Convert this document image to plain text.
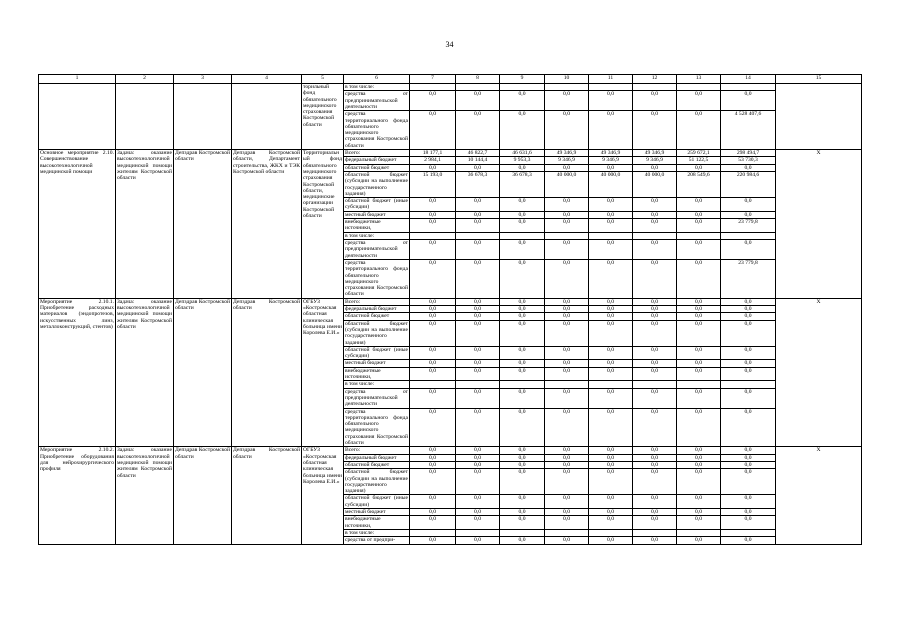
34
1	2	3	4	5	6	7	8	9	10	11	12	13	14	15
				торильный фонд обязательного медицинского страхования Костромской области	в том числе:									
					средства от предпринимательской деятельности	0,0	0,0	0,0	0,0	0,0	0,0	0,0	0,0	
					средства территориального фонда обязательного медицинского страхования Костромской области	0,0	0,0	0,0	0,0	0,0	0,0	0,0	4 528 407,6	
Основное мероприятие 2.10. Совершенствование высокотехнологичной медицинской помощи	Задача: оказание высокотехнологичной медицинской помощи жителям Костромской области	Депздрав Костромской области	Депздрав Костромской области, Департамент строительства, ЖКХ и ТЭК Костромской области	Территориальный фонд обязательного медицинского страхования Костромской области, медицинские организации Костромской области	Всего:	18 177,1	46 822,7	46 631,6	49 346,9	49 346,9	49 346,9	259 672,1	298 494,7	X
					федеральный бюджет	2 984,1	10 144,4	9 953,3	9 346,9	9 346,9	9 346,9	51 122,5	53 730,3	
					областной бюджет	0,0	0,0	0,0	0,0	0,0	0,0	0,0	0,0	
					областной бюджет (субсидии на выполнение государственного задания)	15 193,0	36 678,3	36 678,3	40 000,0	40 000,0	40 000,0	208 549,6	220 984,6	
					областной бюджет (иные субсидии)	0,0	0,0	0,0	0,0	0,0	0,0	0,0	0,0	
					местный бюджет	0,0	0,0	0,0	0,0	0,0	0,0	0,0	0,0	
					внебюджетные источники,	0,0	0,0	0,0	0,0	0,0	0,0	0,0	23 779,8	
					в том числе:									
					средства от предпринимательской деятельности	0,0	0,0	0,0	0,0	0,0	0,0	0,0	0,0	
					средства территориального фонда обязательного медицинского страхования Костромской области	0,0	0,0	0,0	0,0	0,0	0,0	0,0	23 779,8	
Мероприятие 2.10.1. Приобретение расходных материалов (эндопротезов, искусственных линз, металлоконструкций, стентов)	Задача: оказание высокотехнологичной медицинской помощи жителям Костромской области	Депздрав Костромской области	Депздрав Костромской области	ОГБУЗ «Костромская областная клиническая больница имени Королева Е.И.»	Всего:	0,0	0,0	0,0	0,0	0,0	0,0	0,0	0,0	X
					федеральный бюджет	0,0	0,0	0,0	0,0	0,0	0,0	0,0	0,0	
					областной бюджет	0,0	0,0	0,0	0,0	0,0	0,0	0,0	0,0	
					областной бюджет (субсидии на выполнение государственного задания)	0,0	0,0	0,0	0,0	0,0	0,0	0,0	0,0	
					областной бюджет (иные субсидии)	0,0	0,0	0,0	0,0	0,0	0,0	0,0	0,0	
					местный бюджет	0,0	0,0	0,0	0,0	0,0	0,0	0,0	0,0	
					внебюджетные источники,	0,0	0,0	0,0	0,0	0,0	0,0	0,0	0,0	
					в том числе:									
					средства от предпринимательской деятельности	0,0	0,0	0,0	0,0	0,0	0,0	0,0	0,0	
					средства территориального фонда обязательного медицинского страхования Костромской области	0,0	0,0	0,0	0,0	0,0	0,0	0,0	0,0	
Мероприятие 2.10.2. Приобретение оборудования для нейрохирургического профиля	Задача: оказание высокотехнологичной медицинской помощи жителям Костромской области	Депздрав Костромской области	Депздрав Костромской области	ОГБУЗ «Костромская областная клиническая больница имени Королева Е.И.»	Всего:	0,0	0,0	0,0	0,0	0,0	0,0	0,0	0,0	X
					федеральный бюджет	0,0	0,0	0,0	0,0	0,0	0,0	0,0	0,0	
					областной бюджет	0,0	0,0	0,0	0,0	0,0	0,0	0,0	0,0	
					областной бюджет (субсидии на выполнение государственного задания)	0,0	0,0	0,0	0,0	0,0	0,0	0,0	0,0	
					областной бюджет (иные субсидии)	0,0	0,0	0,0	0,0	0,0	0,0	0,0	0,0	
					местный бюджет	0,0	0,0	0,0	0,0	0,0	0,0	0,0	0,0	
					внебюджетные источники,	0,0	0,0	0,0	0,0	0,0	0,0	0,0	0,0	
					в том числе:									
					средства от предпри-	0,0	0,0	0,0	0,0	0,0	0,0	0,0	0,0	
